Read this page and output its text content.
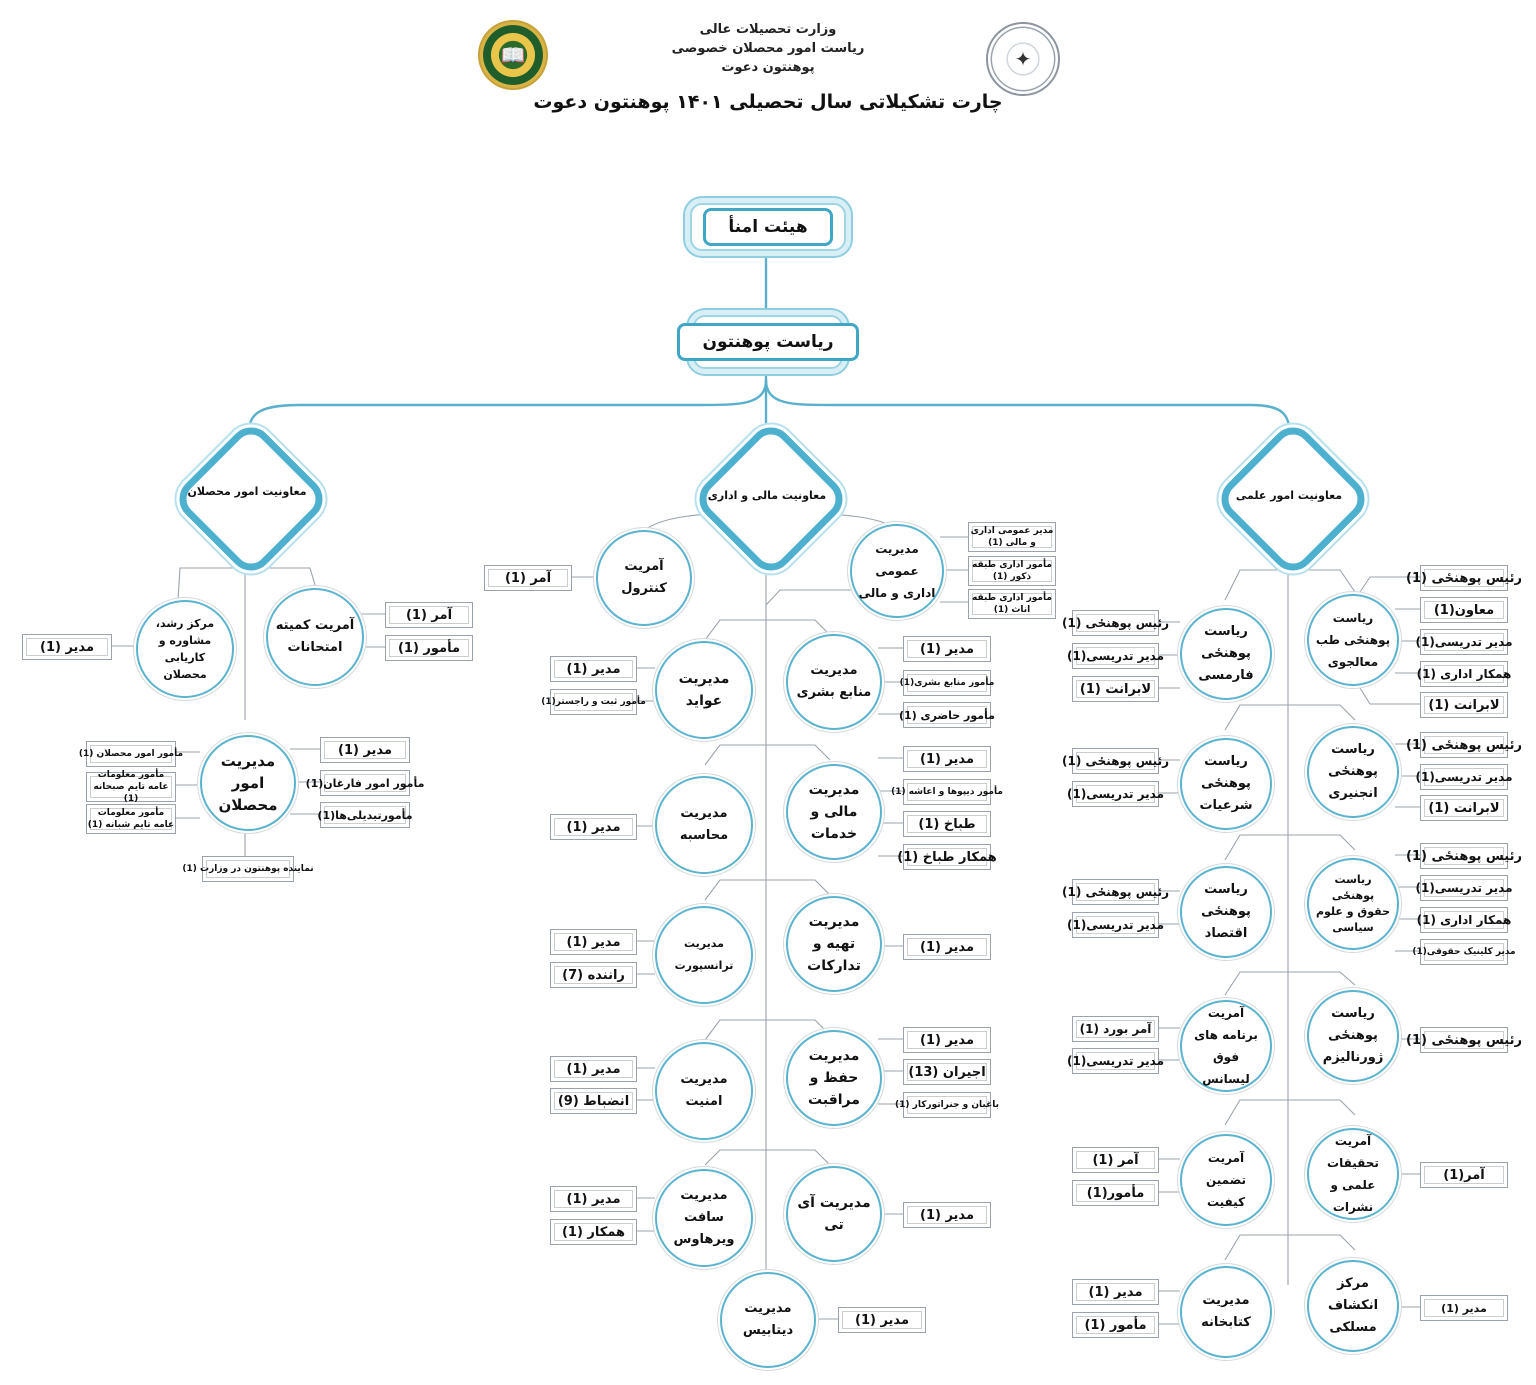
📖	✦
وزارت تحصیلات عالی
ریاست امور محصلان خصوصی
پوهنتون دعوت
چارت تشکیلاتی سال تحصیلی ۱۴۰۱ پوهنتون دعوت
هیئت امنأ
ریاست پوهنتون
معاونیت امور محصلان	معاونیت مالی و اداری	معاونیت امور علمی
مرکز رشد، مشاوره و کاریابی محصلان
مدیر (1)
آمریت کمیته امتحانات
آمر (1)
مأمور (1)
مدیریت امور محصلان
مأمور امور محصلان (1)
مأمور معلومات عامه تایم صبحانه (1)
مأمور معلومات عامه تایم شبانه (1)
مدیر (1)
مأمور امور فارغان(1)
مأمورتبدیلی‌ها(1)
نماینده پوهنتون در وزارت (1)
آمریت کنترول
آمر (1)
مدیریت عمومی اداری و مالی
مدیر عمومی اداری و مالی (1)
مأمور اداری طبقه ذکور (1)
مأمور اداری طبقه اناث (1)
مدیریت عواید
مدیر (1)
مأمور ثبت و راجستر(1)
مدیریت منابع بشری
مدیر (1)
مأمور منابع بشری(1)
مأمور حاضری (1)
مدیریت محاسبه
مدیر (1)
مدیریت مالی و خدمات
مدیر (1)
مأمور دیپوها و اعاشه (1)
طباخ (1)
همکار طباخ (1)
مدیریت ترانسپورت
مدیر (1)
راننده (7)
مدیریت تهیه و تدارکات
مدیر (1)
مدیریت امنیت
مدیر (1)
انضباط (9)
مدیریت حفظ و مراقبت
مدیر (1)
اجیران (13)
باغبان و جنراتورکار (1)
مدیریت سافت ویرهاوس
مدیر (1)
همکار (1)
مدیریت آی تی
مدیر (1)
مدیریت دیتابیس
مدیر (1)
ریاست پوهنځی طب معالجوی
رئیس پوهنځی (1)
معاون(1)
مدیر تدریسی(1)
همکار اداری (1)
لابرانت (1)
ریاست پوهنځی فارمسی
رئیس پوهنځی (1)
مدیر تدریسی(1)
لابرانت (1)
ریاست پوهنځی انجنیری
رئیس پوهنځی (1)
مدیر تدریسی(1)
لابرانت (1)
ریاست پوهنځی شرعیات
رئیس پوهنځی (1)
مدیر تدریسی(1)
ریاست پوهنځی حقوق و علوم سیاسی
رئیس پوهنځی (1)
مدیر تدریسی(1)
همکار اداری (1)
مدیر کلینیک حقوقی(1)
ریاست پوهنځی اقتصاد
رئیس پوهنځی (1)
مدیر تدریسی(1)
ریاست پوهنځی ژورنالیزم
رئیس پوهنځی (1)
آمریت برنامه های فوق لیسانس
آمر بورد (1)
مدیر تدریسی(1)
آمریت تحقیقات علمی و نشرات
آمر(1)
آمریت تضمین کیفیت
آمر (1)
مأمور(1)
مرکز انکشاف مسلکی
مدیر (1)
مدیریت کتابخانه
مدیر (1)
مأمور (1)
